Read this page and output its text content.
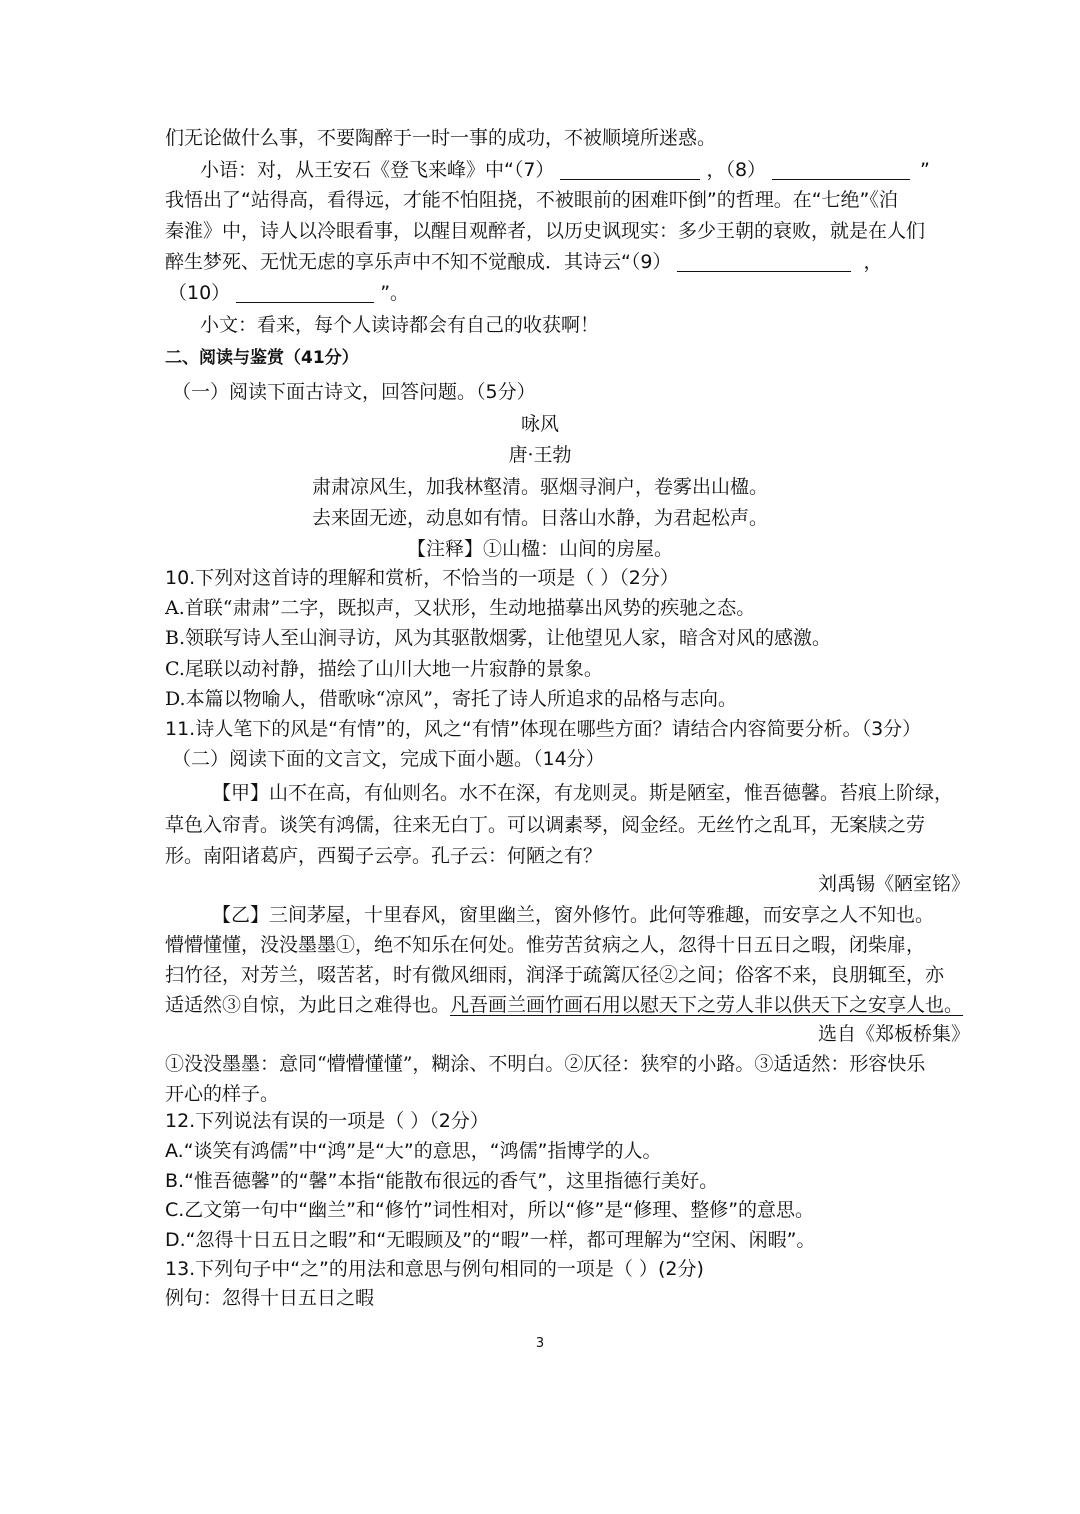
们无论做什么事，不要陶醉于一时一事的成功，不被顺境所迷惑。
小语：对，从王安石《登飞来峰》中“（7）	，（8）	”
我悟出了“站得高，看得远，才能不怕阻挠，不被眼前的困难吓倒”的哲理。在“七绝”《泊
秦淮》中，诗人以冷眼看事，以醒目观醉者，以历史讽现实：多少王朝的衰败，就是在人们
醉生梦死、无忧无虑的享乐声中不知不觉酿成．其诗云“（9）	，
（10）	”。
小文：看来，每个人读诗都会有自己的收获啊！
二、阅读与鉴赏（41分）
（一）阅读下面古诗文，回答问题。（5分）
咏风
唐·王勃
肃肃凉风生，加我林壑清。驱烟寻涧户，卷雾出山楹。
去来固无迹，动息如有情。日落山水静，为君起松声。
【注释】①山楹：山间的房屋。
10.下列对这首诗的理解和赏析，不恰当的一项是（ ）（2分）
A.首联“肃肃”二字，既拟声，又状形，生动地描摹出风势的疾驰之态。
B.领联写诗人至山涧寻访，风为其驱散烟雾，让他望见人家，暗含对风的感激。
C.尾联以动衬静，描绘了山川大地一片寂静的景象。
D.本篇以物喻人，借歌咏“凉风”，寄托了诗人所追求的品格与志向。
11.诗人笔下的风是“有情”的，风之“有情”体现在哪些方面？请结合内容简要分析。（3分）
（二）阅读下面的文言文，完成下面小题。（14分）
【甲】山不在高，有仙则名。水不在深，有龙则灵。斯是陋室，惟吾德馨。苔痕上阶绿，
草色入帘青。谈笑有鸿儒，往来无白丁。可以调素琴，阅金经。无丝竹之乱耳，无案牍之劳
形。南阳诸葛庐，西蜀子云亭。孔子云：何陋之有？
刘禹锡《陋室铭》
【乙】三间茅屋，十里春风，窗里幽兰，窗外修竹。此何等雅趣，而安享之人不知也。
懵懵懂懂，没没墨墨①，绝不知乐在何处。惟劳苦贫病之人，忽得十日五日之暇，闭柴扉，
扫竹径，对芳兰，啜苦茗，时有微风细雨，润泽于疏篱仄径②之间；俗客不来，良朋辄至，亦
适适然③自惊，为此日之难得也。凡吾画兰画竹画石用以慰天下之劳人非以供天下之安享人也。
选自《郑板桥集》
①没没墨墨：意同“懵懵懂懂”，糊涂、不明白。②仄径：狭窄的小路。③适适然：形容快乐
开心的样子。
12.下列说法有误的一项是（ ）（2分）
A.“谈笑有鸿儒”中“鸿”是“大”的意思，“鸿儒”指博学的人。
B.“惟吾德馨”的“馨”本指“能散布很远的香气”，这里指德行美好。
C.乙文第一句中“幽兰”和“修竹”词性相对，所以“修”是“修理、整修”的意思。
D.“忽得十日五日之暇”和“无暇顾及”的“暇”一样，都可理解为“空闲、闲暇”。
13.下列句子中“之”的用法和意思与例句相同的一项是（ ）(2分)
例句：忽得十日五日之暇
3
